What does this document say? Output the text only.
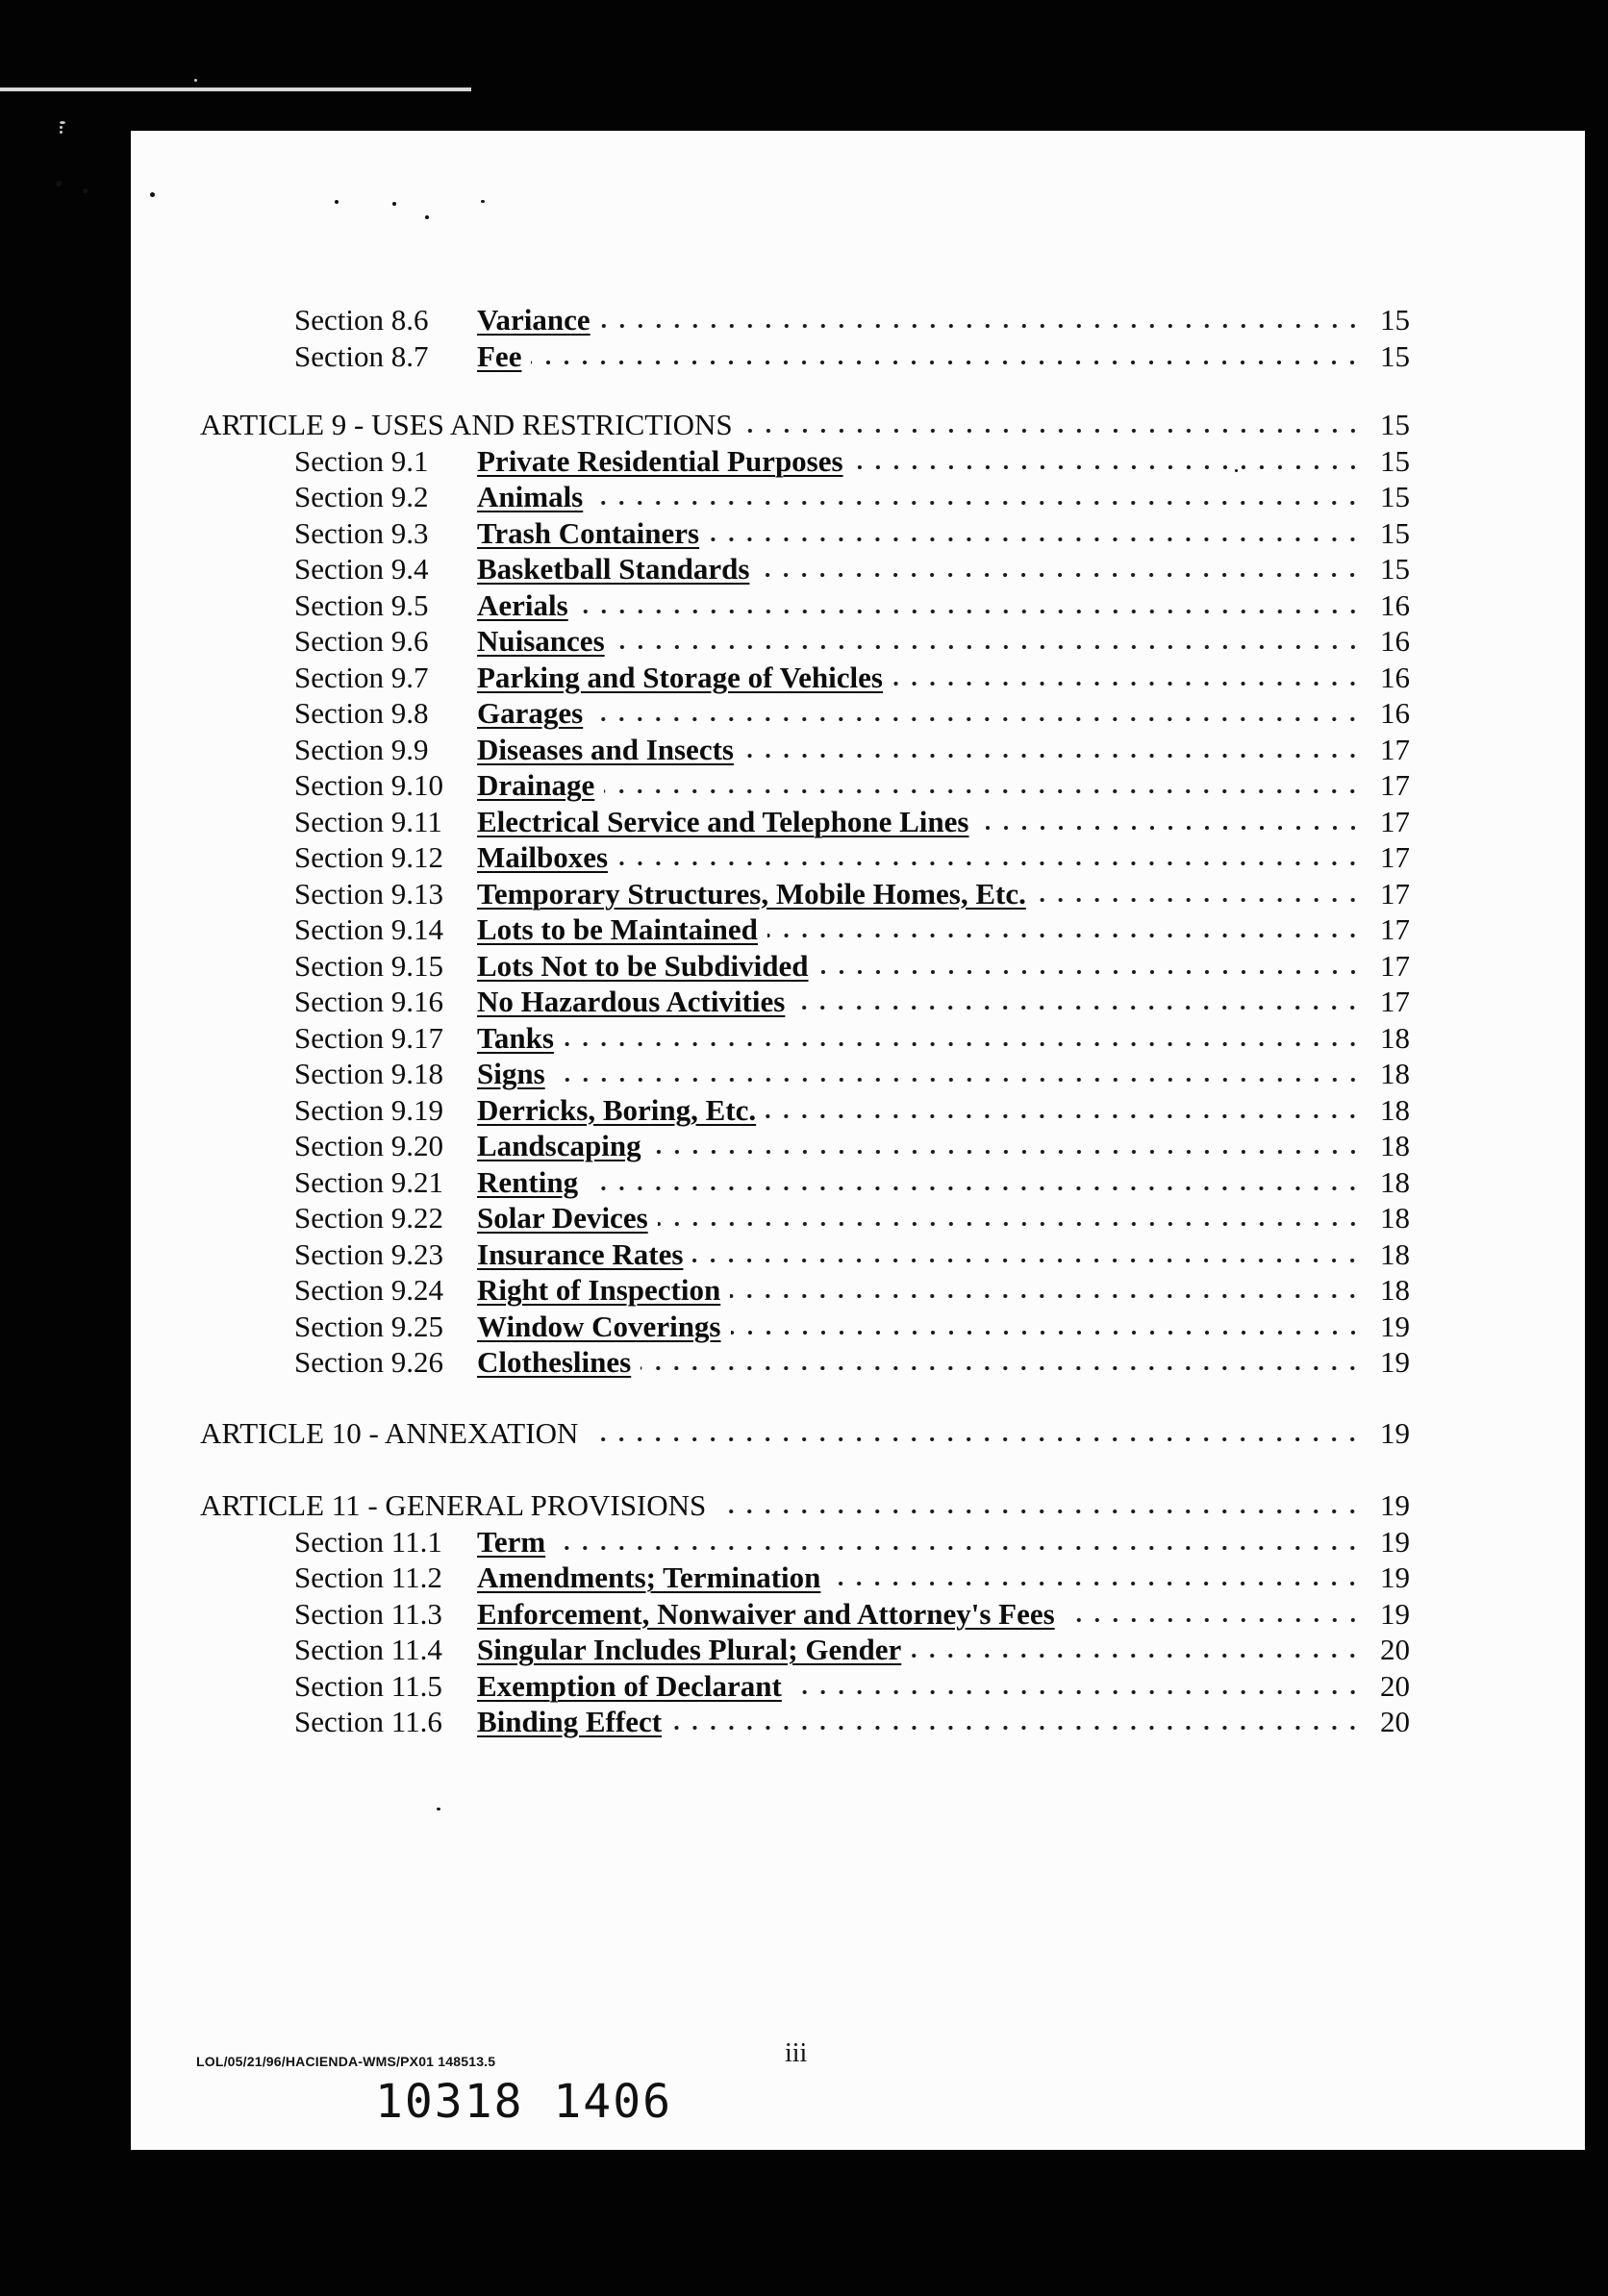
Section 8.6	Variance	15
Section 8.7	Fee	15
ARTICLE 9 - USES AND RESTRICTIONS	15
Section 9.1	Private Residential Purposes	15
Section 9.2	Animals	15
Section 9.3	Trash Containers	15
Section 9.4	Basketball Standards	15
Section 9.5	Aerials	16
Section 9.6	Nuisances	16
Section 9.7	Parking and Storage of Vehicles	16
Section 9.8	Garages	16
Section 9.9	Diseases and Insects	17
Section 9.10	Drainage	17
Section 9.11	Electrical Service and Telephone Lines	17
Section 9.12	Mailboxes	17
Section 9.13	Temporary Structures, Mobile Homes, Etc.	17
Section 9.14	Lots to be Maintained	17
Section 9.15	Lots Not to be Subdivided	17
Section 9.16	No Hazardous Activities	17
Section 9.17	Tanks	18
Section 9.18	Signs	18
Section 9.19	Derricks, Boring, Etc.	18
Section 9.20	Landscaping	18
Section 9.21	Renting	18
Section 9.22	Solar Devices	18
Section 9.23	Insurance Rates	18
Section 9.24	Right of Inspection	18
Section 9.25	Window Coverings	19
Section 9.26	Clotheslines	19
ARTICLE 10 - ANNEXATION	19
ARTICLE 11 - GENERAL PROVISIONS	19
Section 11.1	Term	19
Section 11.2	Amendments; Termination	19
Section 11.3	Enforcement, Nonwaiver and Attorney's Fees	19
Section 11.4	Singular Includes Plural; Gender	20
Section 11.5	Exemption of Declarant	20
Section 11.6	Binding Effect	20
LOL/05/21/96/HACIENDA-WMS/PX01 148513.5	iii
10318 1406
